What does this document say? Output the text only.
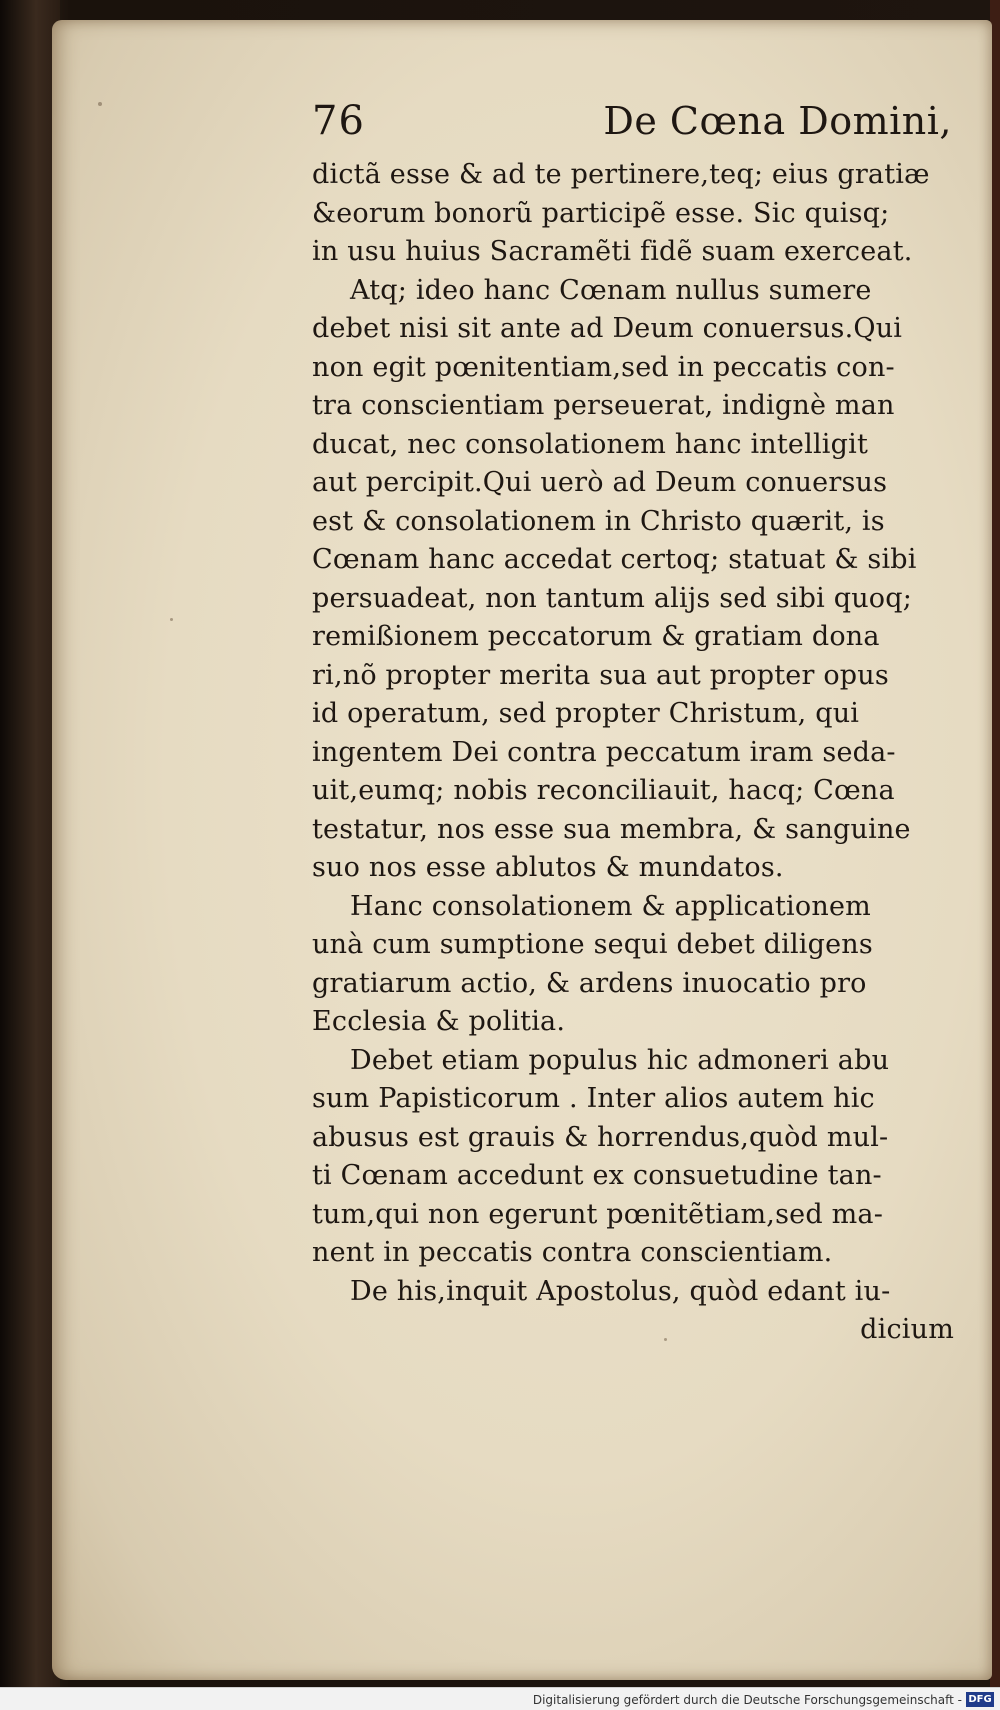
76	De Cœna Domini,
dictã esse & ad te pertinere,teq; eius gratiæ
&eorum bonorũ participẽ esse. Sic quisq;
in usu huius Sacramẽti fidẽ suam exerceat.
Atq; ideo hanc Cœnam nullus sumere
debet nisi sit ante ad Deum conuersus.Qui
non egit pœnitentiam,sed in peccatis con-
tra conscientiam perseuerat, indignè man
ducat, nec consolationem hanc intelligit
aut percipit.Qui uerò ad Deum conuersus
est & consolationem in Christo quærit, is
Cœnam hanc accedat certoq; statuat & sibi
persuadeat, non tantum alijs sed sibi quoq;
remißionem peccatorum & gratiam dona
ri,nõ propter merita sua aut propter opus
id operatum, sed propter Christum, qui
ingentem Dei contra peccatum iram seda-
uit,eumq; nobis reconciliauit, hacq; Cœna
testatur, nos esse sua membra, & sanguine
suo nos esse ablutos & mundatos.
Hanc consolationem & applicationem
unà cum sumptione sequi debet diligens
gratiarum actio, & ardens inuocatio pro
Ecclesia & politia.
Debet etiam populus hic admoneri abu
sum Papisticorum . Inter alios autem hic
abusus est grauis & horrendus,quòd mul-
ti Cœnam accedunt ex consuetudine tan-
tum,qui non egerunt pœnitẽtiam,sed ma-
nent in peccatis contra conscientiam.
De his,inquit Apostolus, quòd edant iu-
dicium
Digitalisierung gefördert durch die Deutsche Forschungsgemeinschaft - DFG
